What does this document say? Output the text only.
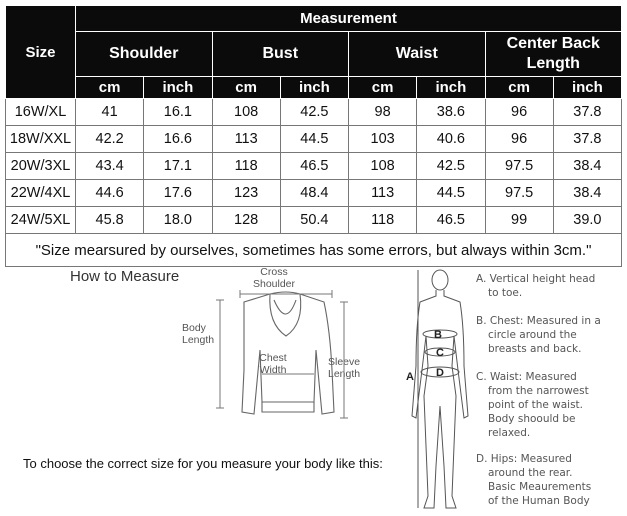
Size	Measurement							
	Shoulder		Bust		Waist		Center Back Length	
	cm	inch	cm	inch	cm	inch	cm	inch
16W/XL	41	16.1	108	42.5	98	38.6	96	37.8
18W/XXL	42.2	16.6	113	44.5	103	40.6	96	37.8
20W/3XL	43.4	17.1	118	46.5	108	42.5	97.5	38.4
22W/4XL	44.6	17.6	123	48.4	113	44.5	97.5	38.4
24W/5XL	45.8	18.0	128	50.4	118	46.5	99	39.0
"Size mearsured by ourselves, sometimes has some errors, but always within 3cm."								
How to Measure	Cross
Shoulder
Body
Length
Chest
Width
Sleeve
Length
To choose the correct size for you measure your body like this:
B
C
D
A
A. Vertical height head
to toe.
B. Chest: Measured in a
circle around the
breasts and back.
C. Waist: Measured
from the narrowest
point of the waist.
Body shoould be
relaxed.
D. Hips: Measured
around the rear.
Basic Meaurements
of the Human Body
